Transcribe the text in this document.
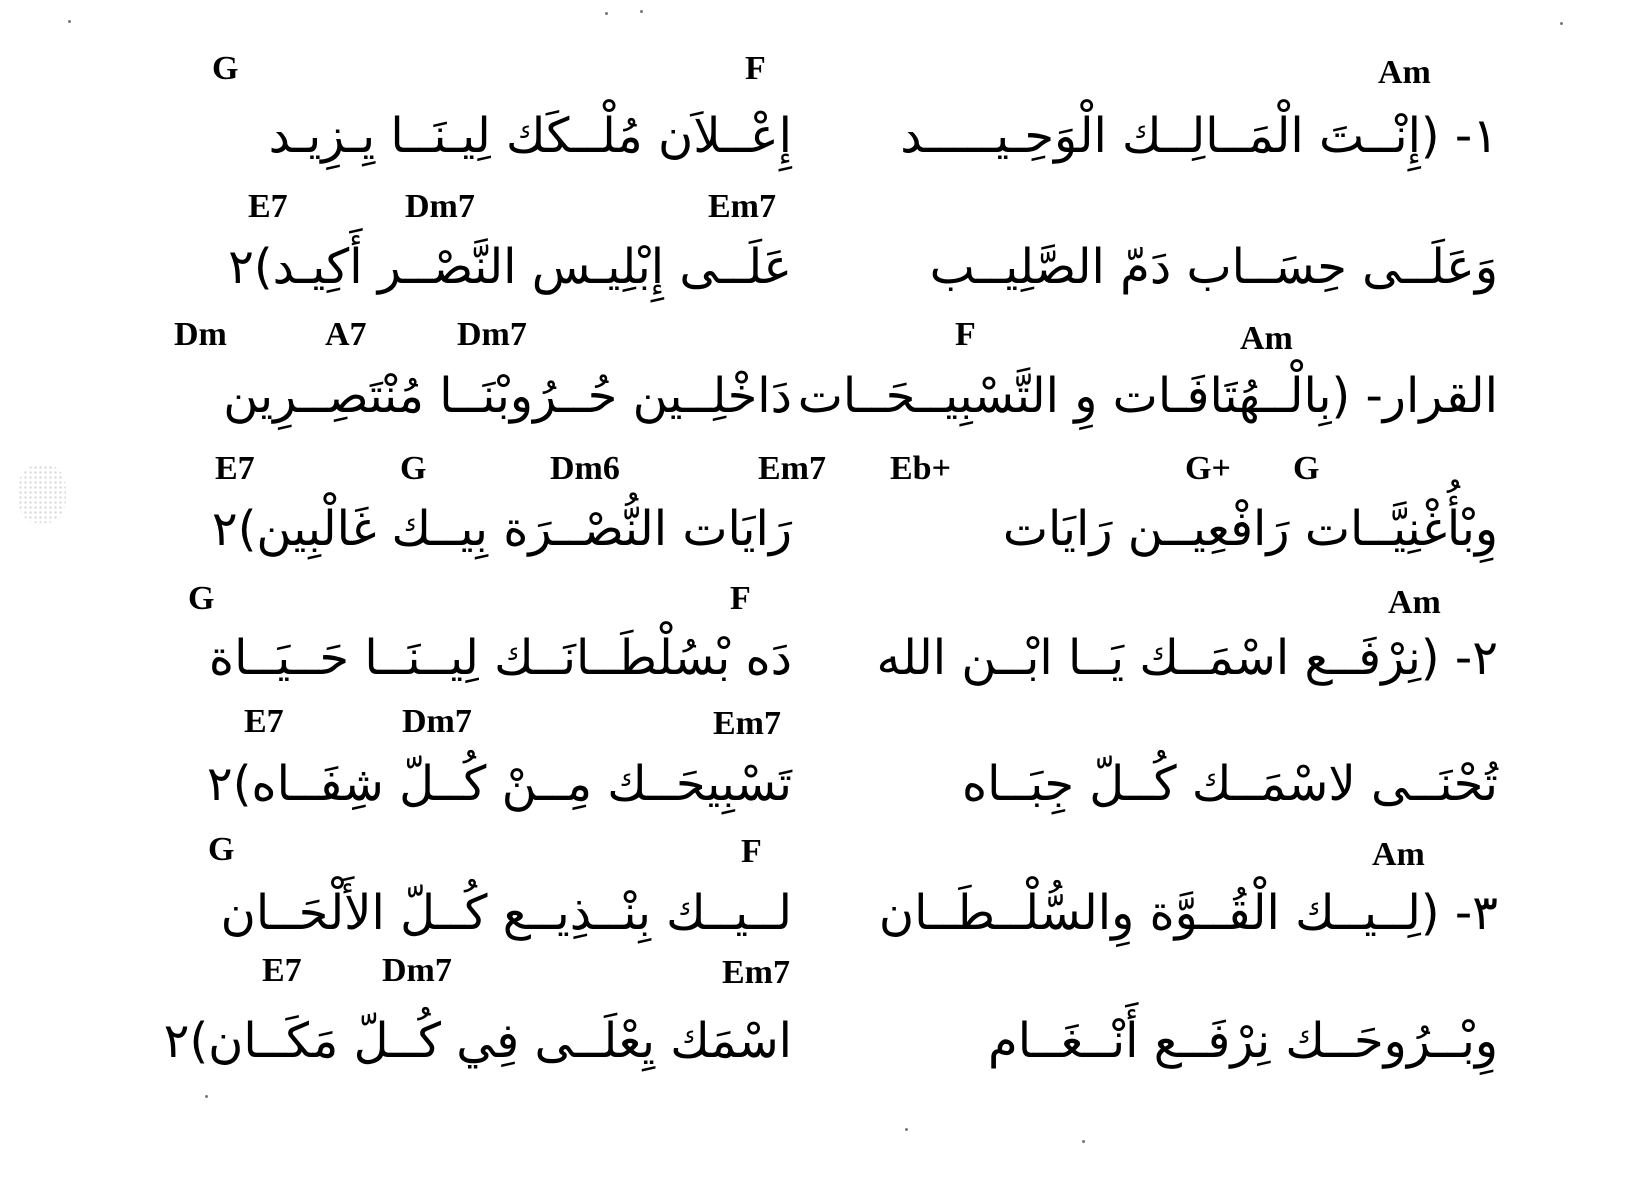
G	F	Am
١- (إِنْــتَ الْمَــالِــك الْوَحِـيـــــد
إِعْــلاَن مُلْــكَك لِيـنَــا يِـزِيـد
E7	Dm7	Em7
وَعَلَــى حِسَــاب دَمّ الصَّلِيــب
عَلَــى إِبْلِيـس النَّصْــر أَكِيـد)٢
Dm	A7	Dm7	F	Am
القرار- (بِالْــهُتَافَـات وِ التَّسْبِيــحَــات
دَاخْلِــين حُــرُوبْنَــا مُنْتَصِــرِين
E7	G	Dm6	Em7 Eb+	G+ G
وِبْأُغْنِيَّــات رَافْعِيــن رَايَات
رَايَات النُّصْــرَة بِيــك غَالْبِين)٢
G	F	Am
٢- (نِرْفَــع اسْمَــك يَــا ابْــن الله
دَه بْسُلْطَــانَــك لِيــنَــا حَــيَــاة
E7	Dm7	Em7
تُحْنَــى لاسْمَــك كُــلّ جِبَــاه
تَسْبِيحَــك مِــنْ كُــلّ شِفَــاه)٢
G	F	Am
٣- (لِــيــك الْقُــوَّة وِالسُّلْــطَــان
لــيــك بِنْــذِيــع كُــلّ الأَلْحَــان
E7 Dm7	Em7
وِبْــرُوحَــك نِرْفَــع أَنْــغَــام
اسْمَك يِعْلَــى فِي كُــلّ مَكَــان)٢
